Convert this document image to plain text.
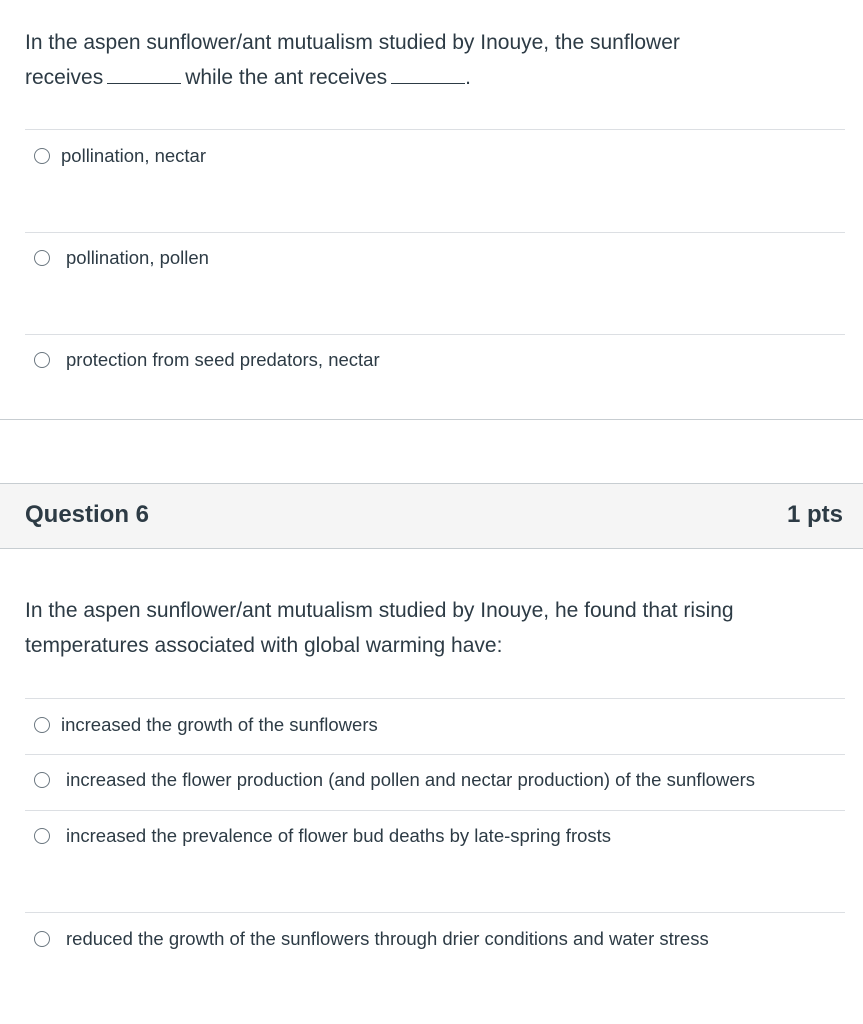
In the aspen sunflower/ant mutualism studied by Inouye, the sunflower
receives	while the ant receives	.

pollination, nectar
pollination, pollen
protection from seed predators, nectar
Question 6	1 pts

In the aspen sunflower/ant mutualism studied by Inouye, he found that rising temperatures associated with global warming have:

increased the growth of the sunflowers
increased the flower production (and pollen and nectar production) of the sunflowers
increased the prevalence of flower bud deaths by late-spring frosts
reduced the growth of the sunflowers through drier conditions and water stress
